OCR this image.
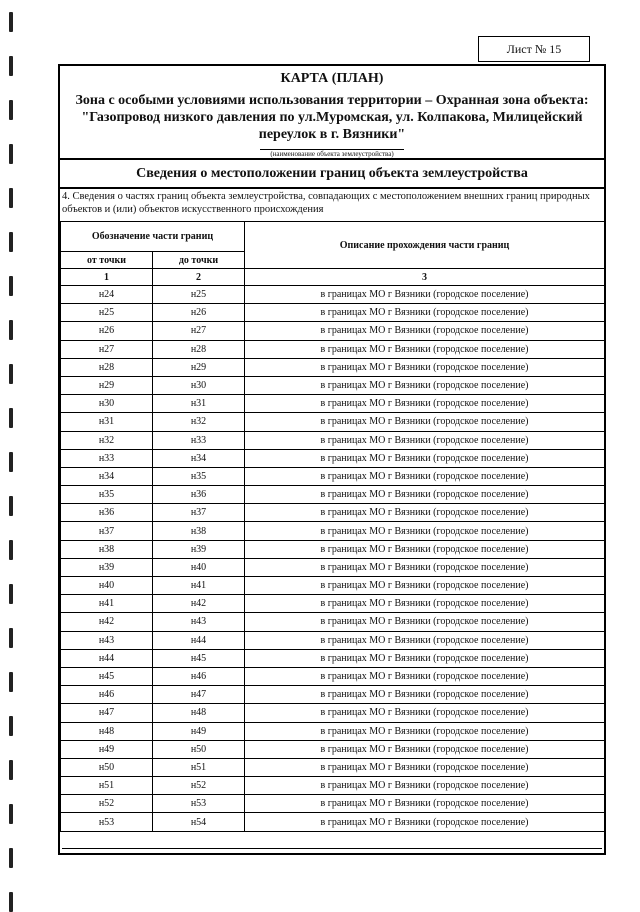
Лист № 15
КАРТА (ПЛАН)
Зона с особыми условиями использования территории – Охранная зона объекта: "Газопровод низкого давления по ул.Муромская, ул. Колпакова, Милицейский переулок в г. Вязники"
(наименование объекта землеустройства)
Сведения о местоположении границ объекта землеустройства
4. Сведения о частях границ объекта землеустройства, совпадающих с местоположением внешних границ природных объектов и (или) объектов искусственного происхождения
Обозначение части границ		Описание прохождения части границ
от точки	до точки	
1	2	3
н24	н25	в границах МО г Вязники (городское поселение)
н25	н26	в границах МО г Вязники (городское поселение)
н26	н27	в границах МО г Вязники (городское поселение)
н27	н28	в границах МО г Вязники (городское поселение)
н28	н29	в границах МО г Вязники (городское поселение)
н29	н30	в границах МО г Вязники (городское поселение)
н30	н31	в границах МО г Вязники (городское поселение)
н31	н32	в границах МО г Вязники (городское поселение)
н32	н33	в границах МО г Вязники (городское поселение)
н33	н34	в границах МО г Вязники (городское поселение)
н34	н35	в границах МО г Вязники (городское поселение)
н35	н36	в границах МО г Вязники (городское поселение)
н36	н37	в границах МО г Вязники (городское поселение)
н37	н38	в границах МО г Вязники (городское поселение)
н38	н39	в границах МО г Вязники (городское поселение)
н39	н40	в границах МО г Вязники (городское поселение)
н40	н41	в границах МО г Вязники (городское поселение)
н41	н42	в границах МО г Вязники (городское поселение)
н42	н43	в границах МО г Вязники (городское поселение)
н43	н44	в границах МО г Вязники (городское поселение)
н44	н45	в границах МО г Вязники (городское поселение)
н45	н46	в границах МО г Вязники (городское поселение)
н46	н47	в границах МО г Вязники (городское поселение)
н47	н48	в границах МО г Вязники (городское поселение)
н48	н49	в границах МО г Вязники (городское поселение)
н49	н50	в границах МО г Вязники (городское поселение)
н50	н51	в границах МО г Вязники (городское поселение)
н51	н52	в границах МО г Вязники (городское поселение)
н52	н53	в границах МО г Вязники (городское поселение)
н53	н54	в границах МО г Вязники (городское поселение)
